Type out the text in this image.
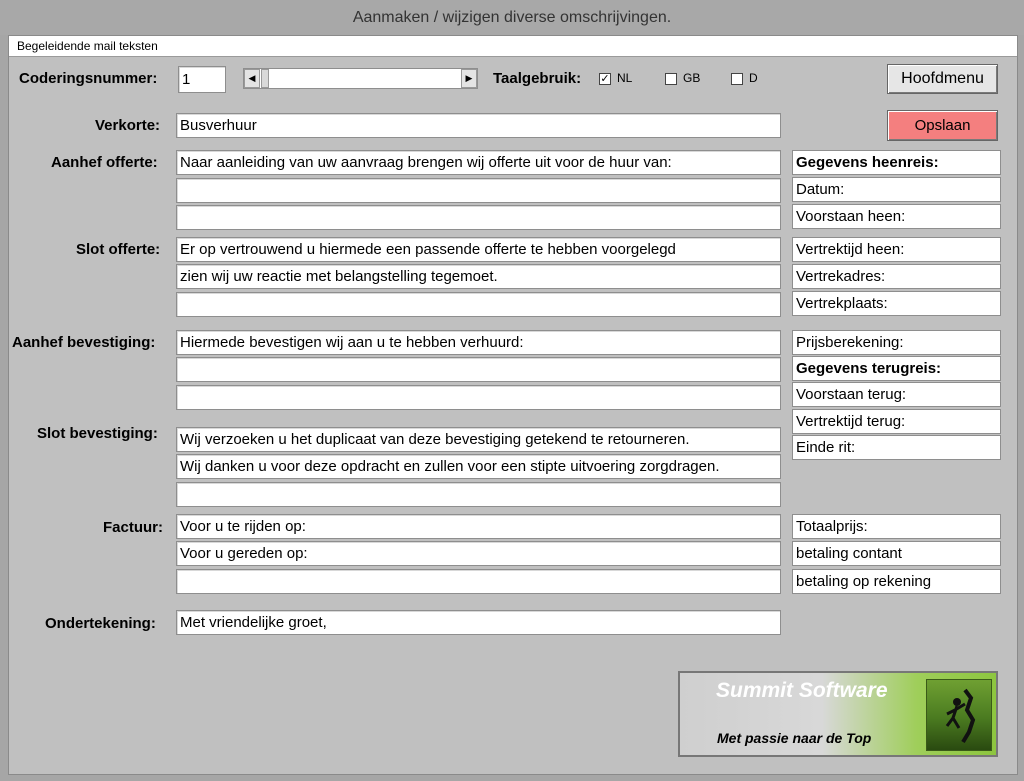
Aanmaken / wijzigen diverse omschrijvingen.
Begeleidende mail teksten
Coderingsnummer: 1	◀	▶	Taalgebruik: ✓ NL	GB	D	Hoofdmenu
Opslaan
Verkorte: Busverhuur
Aanhef offerte: Naar aanleiding van uw aanvraag brengen wij offerte uit voor de huur van:
Slot offerte: Er op vertrouwend u hiermede een passende offerte te hebben voorgelegd
zien wij uw reactie met belangstelling tegemoet.
Aanhef bevestiging: Hiermede bevestigen wij aan u te hebben verhuurd:
Slot bevestiging: Wij verzoeken u het duplicaat van deze bevestiging getekend te retourneren.
Wij danken u voor deze opdracht en zullen voor een stipte uitvoering zorgdragen.
Factuur: Voor u te rijden op:
Voor u gereden op:
Ondertekening: Met vriendelijke groet,
Gegevens heenreis:
Datum:
Voorstaan heen:
Vertrektijd heen:
Vertrekadres:
Vertrekplaats:
Prijsberekening:
Gegevens terugreis:
Voorstaan terug:
Vertrektijd terug:
Einde rit:
Totaalprijs:
betaling contant
betaling op rekening
Summit Software
Met passie naar de Top
